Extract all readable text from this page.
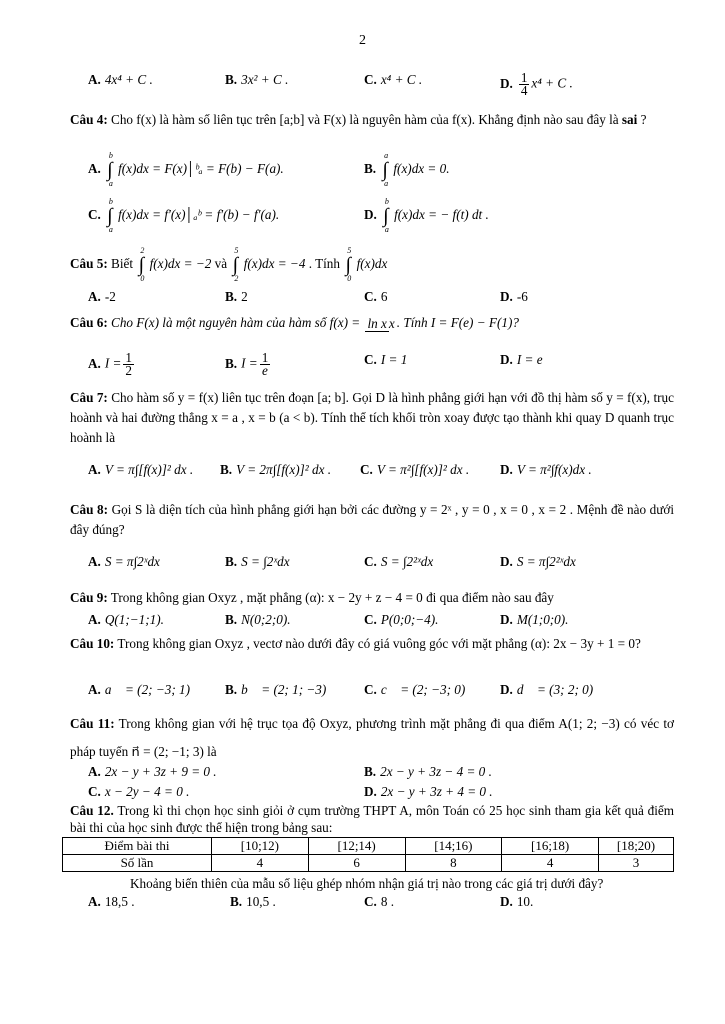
2
A. 4x⁴ + C .	B. 3x² + C .	C. x⁴ + C .	D. $\frac{1}{4} x^4 + C$ .
Câu 4: Cho f(x) là hàm số liên tục trên [a;b] và F(x) là nguyên hàm của f(x). Khẳng định nào sau đây là sai ?
A. ∫
b
a
f(x)dx = F(x)│ᵇₐ = F(b) − F(a).	B. ∫
a
a
f(x)dx = 0.
C. ∫
b
a
f(x)dx = f′(x)│ₐᵇ = f′(b) − f′(a).	D. ∫
b
a
f(x)dx = − f(t) dt .
Câu 5: Biết ∫
2
0
f(x)dx = −2 và ∫
5
2
f(x)dx = −4 . Tính ∫
5
0
f(x)dx
A. -2	B. 2	C. 6	D. -6
Câu 6: Cho F(x) là một nguyên hàm của hàm số f(x) = ln x x . Tính I = F(e) − F(1)?
A. $I = \frac{1}{2}$	B. $I = \frac{1}{e}$	C. I = 1	D. I = e
Câu 7: Cho hàm số y = f(x) liên tục trên đoạn [a; b]. Gọi D là hình phẳng giới hạn với đồ thị hàm số y = f(x), trục hoành và hai đường thẳng x = a , x = b (a < b). Tính thể tích khối tròn xoay được tạo thành khi quay D quanh trục hoành là
A. V = π∫[f(x)]² dx . B. V = 2π∫[f(x)]² dx . C. V = π²∫[f(x)]² dx . D. V = π²∫f(x)dx .
Câu 8: Gọi S là diện tích của hình phẳng giới hạn bởi các đường y = 2ˣ , y = 0 , x = 0 , x = 2 . Mệnh đề nào dưới đây đúng?
A. S = π∫2ˣdx	B. S = ∫2ˣdx	C. S = ∫2²ˣdx	D. S = π∫2²ˣdx
Câu 9: Trong không gian Oxyz , mặt phẳng (α): x − 2y + z − 4 = 0 đi qua điểm nào sau đây
A. Q(1;−1;1).	B. N(0;2;0).	C. P(0;0;−4).	D. M(1;0;0).
Câu 10: Trong không gian Oxyz , vectơ nào dưới đây có giá vuông góc với mặt phẳng (α): 2x − 3y + 1 = 0?
A. a⃗ = (2; −3; 1)	B. b⃗ = (2; 1; −3)	C. c⃗ = (2; −3; 0)	D. d⃗ = (3; 2; 0)
Câu 11: Trong không gian với hệ trục tọa độ Oxyz, phương trình mặt phẳng đi qua điểm A(1; 2; −3) có véc tơ pháp tuyến n⃗ = (2; −1; 3) là
A. 2x − y + 3z + 9 = 0 .	B. 2x − y + 3z − 4 = 0 .
C. x − 2y − 4 = 0 .	D. 2x − y + 3z + 4 = 0 .
Câu 12. Trong kì thi chọn học sinh giỏi ở cụm trường THPT A, môn Toán có 25 học sinh tham gia kết quả điểm bài thi của học sinh được thể hiện trong bảng sau:
Điểm bài thi	[10;12)	[12;14)	[14;16)	[16;18)	[18;20)
Số lần	4	6	8	4	3
Khoảng biến thiên của mẫu số liệu ghép nhóm nhận giá trị nào trong các giá trị dưới đây?
A. 18,5 .	B. 10,5 .	C. 8 .	D. 10.
